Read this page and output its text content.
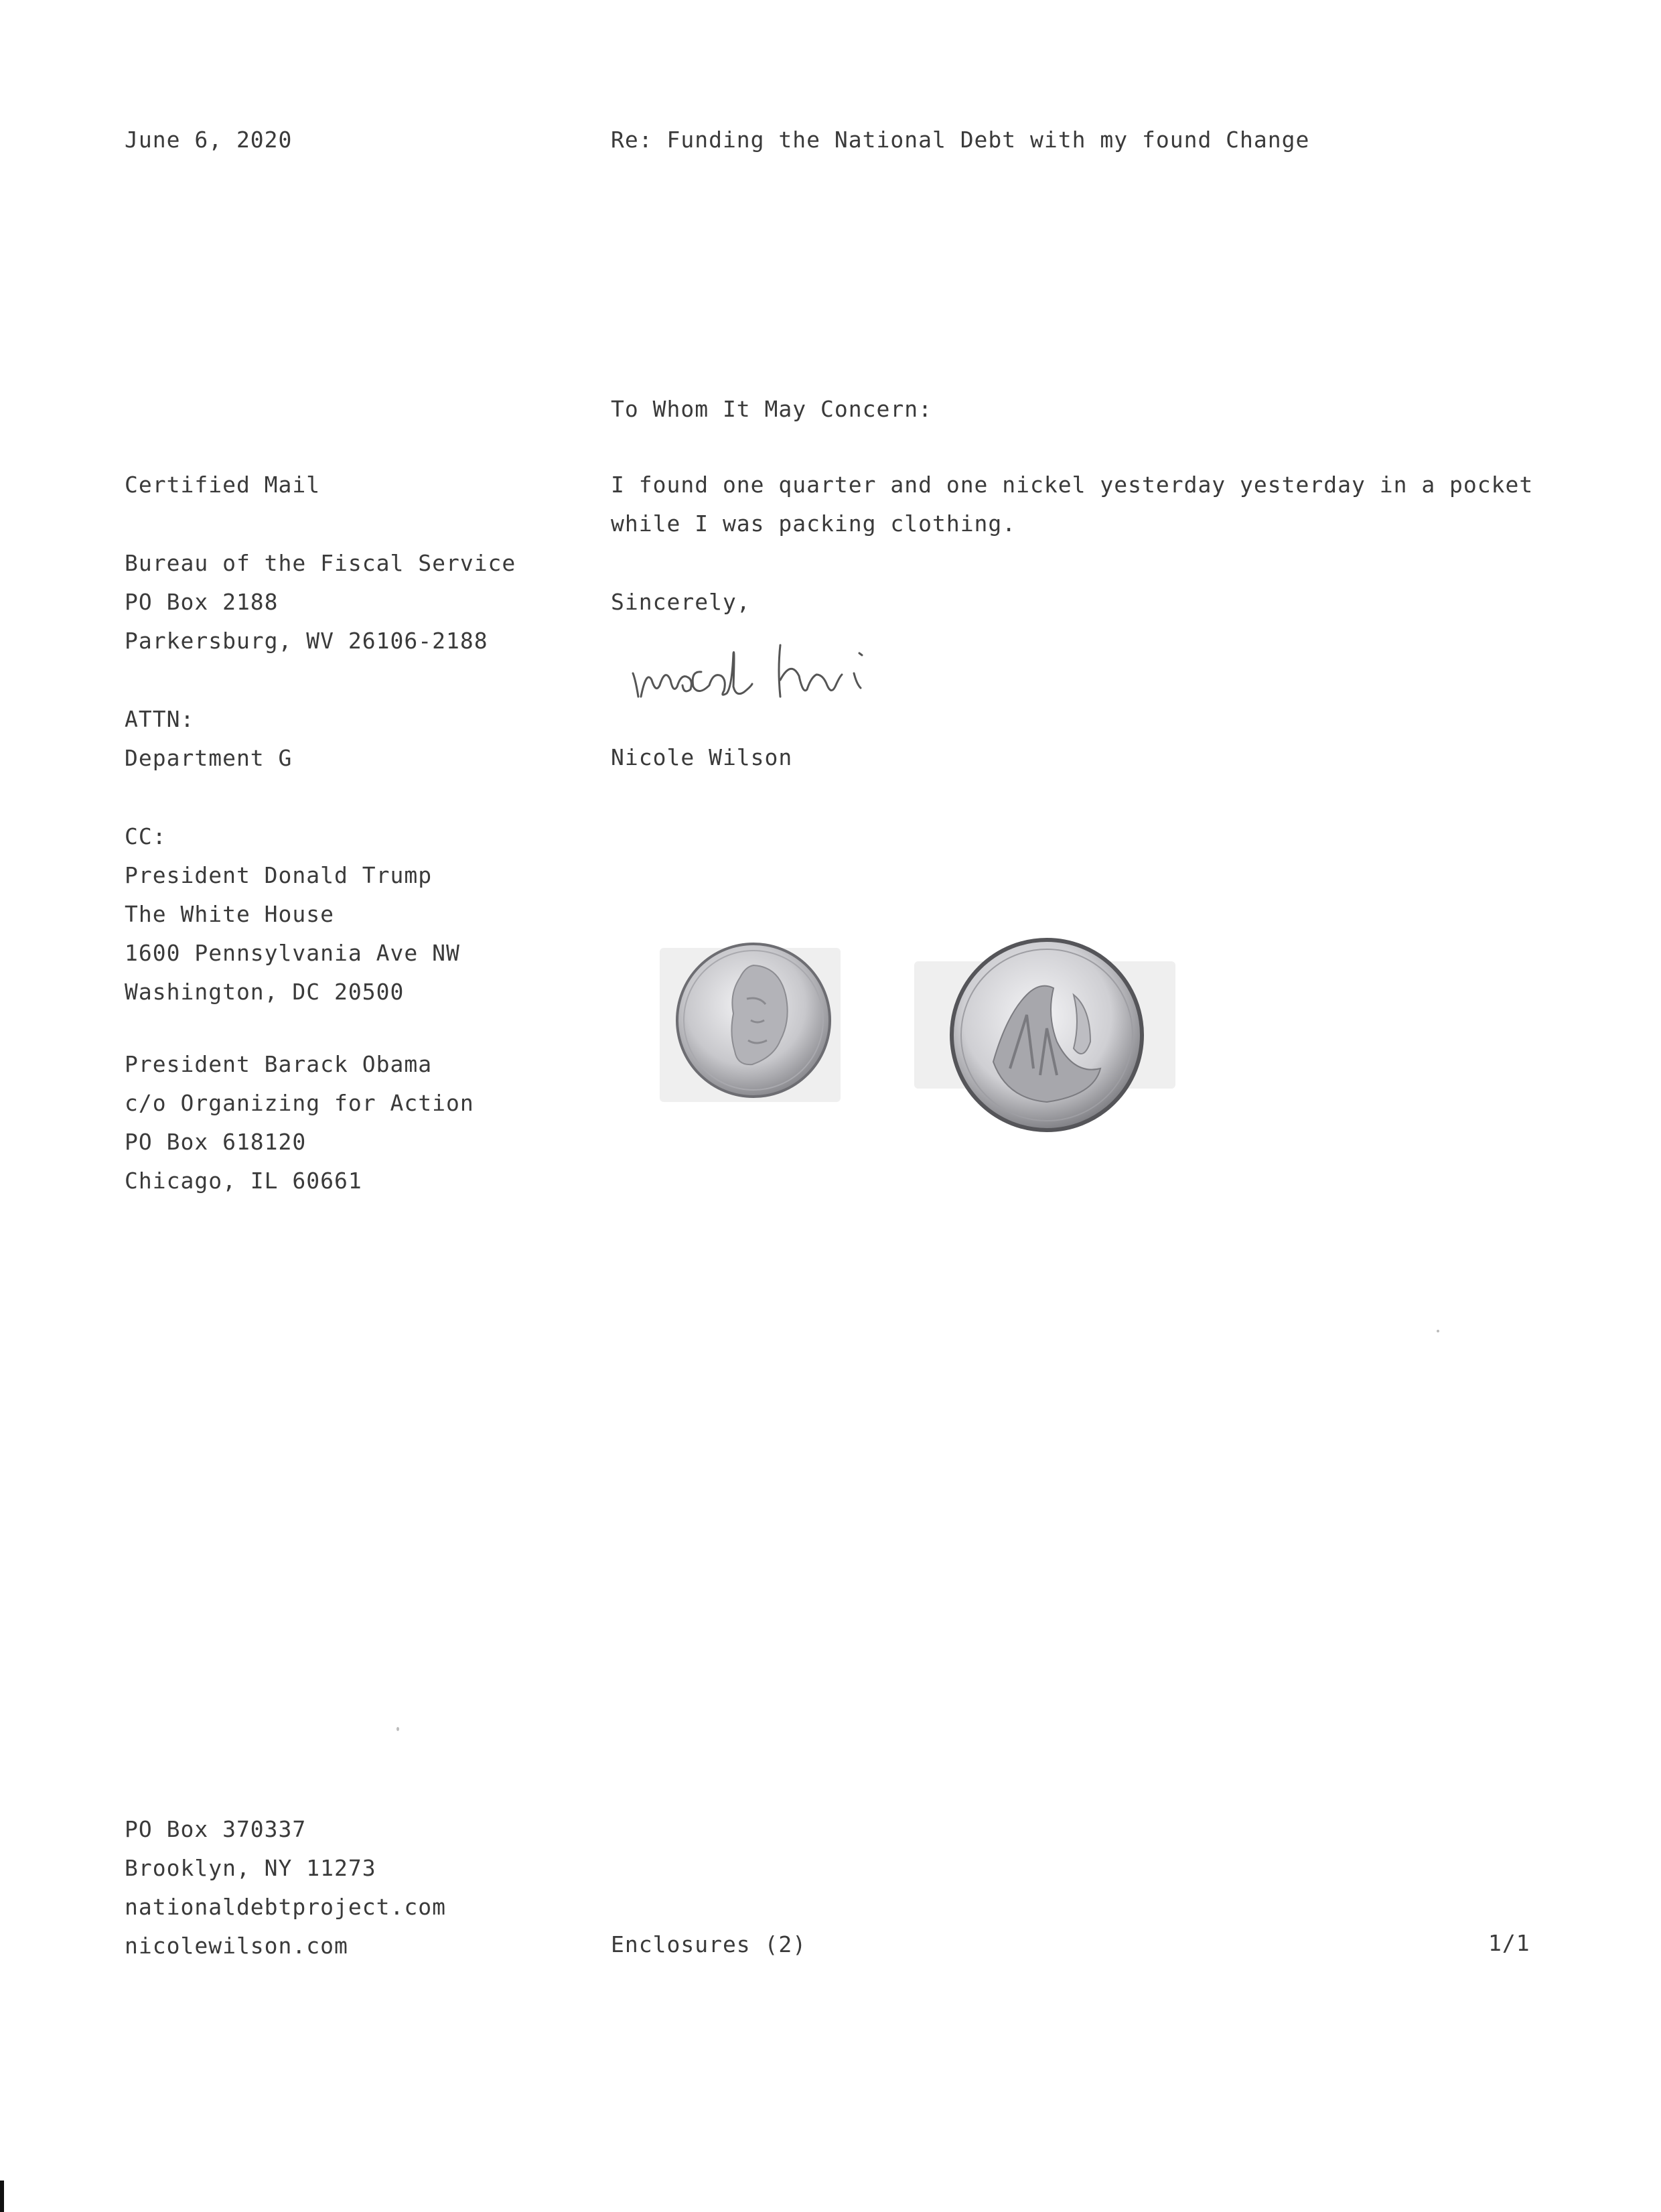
June 6, 2020	Re: Funding the National Debt with my found Change
To Whom It May Concern:
I found one quarter and one nickel yesterday yesterday in a pocket
while I was packing clothing.
Sincerely,
Nicole Wilson
Certified Mail
Bureau of the Fiscal Service
PO Box 2188
Parkersburg, WV 26106-2188
ATTN:
Department G
CC:
President Donald Trump
The White House
1600 Pennsylvania Ave NW
Washington, DC 20500
President Barack Obama
c/o Organizing for Action
PO Box 618120
Chicago, IL 60661
PO Box 370337
Brooklyn, NY 11273
nationaldebtproject.com
nicolewilson.com	Enclosures (2)	1/1
